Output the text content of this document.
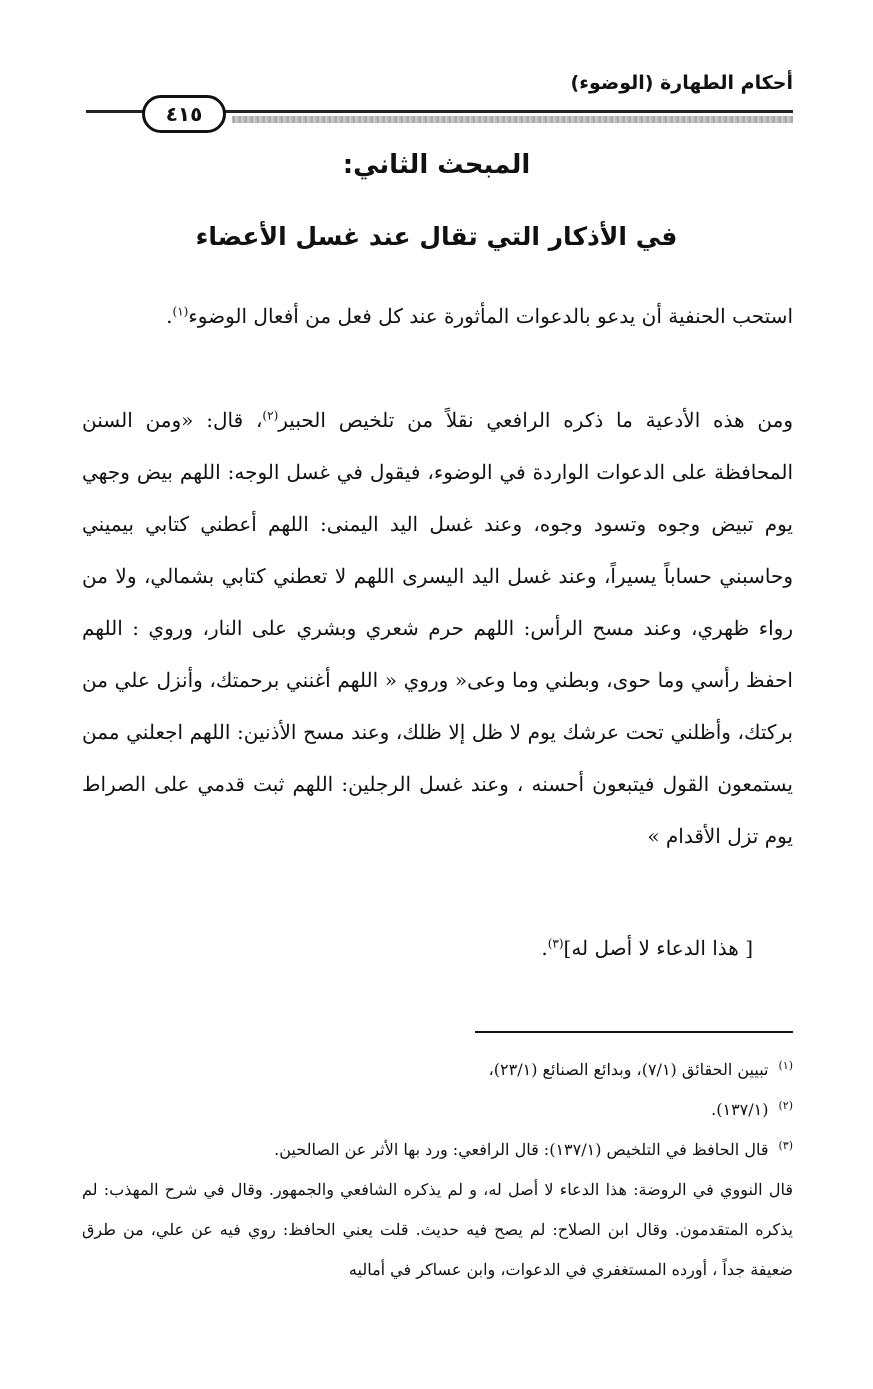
أحكام الطهارة (الوضوء)
٤١٥
المبحث الثاني:
في الأذكار التي تقال عند غسل الأعضاء
استحب الحنفية أن يدعو بالدعوات المأثورة عند كل فعل من أفعال الوضوء$^{(١)}$.
ومن هذه الأدعية ما ذكره الرافعي نقلاً من تلخيص الحبير$^{(٢)}$، قال: «ومن السنن المحافظة على الدعوات الواردة في الوضوء، فيقول في غسل الوجه: اللهم بيض وجهي يوم تبيض وجوه وتسود وجوه، وعند غسل اليد اليمنى: اللهم أعطني كتابي بيميني وحاسبني حساباً يسيراً، وعند غسل اليد اليسرى اللهم لا تعطني كتابي بشمالي، ولا من رواء ظهري، وعند مسح الرأس: اللهم حرم شعري وبشري على النار، وروي : اللهم احفظ رأسي وما حوى، وبطني وما وعى« وروي « اللهم أغنني برحمتك، وأنزل علي من بركتك، وأظلني تحت عرشك يوم لا ظل إلا ظلك، وعند مسح الأذنين: اللهم اجعلني ممن يستمعون القول فيتبعون أحسنه ، وعند غسل الرجلين: اللهم ثبت قدمي على الصراط يوم تزل الأقدام »
[ هذا الدعاء لا أصل له]$^{(٣)}$.
$^{(١)}$تبيين الحقائق (٧/١)، وبدائع الصنائع (٢٣/١)،
$^{(٢)}$(١٣٧/١).
$^{(٣)}$قال الحافظ في التلخيص (١٣٧/١): قال الرافعي: ورد بها الأثر عن الصالحين.
قال النووي في الروضة: هذا الدعاء لا أصل له، و لم يذكره الشافعي والجمهور. وقال في شرح المهذب: لم يذكره المتقدمون. وقال ابن الصلاح: لم يصح فيه حديث. قلت يعني الحافظ: روي فيه عن علي، من طرق ضعيفة جداً ، أورده المستغفري في الدعوات، وابن عساكر في أماليه
